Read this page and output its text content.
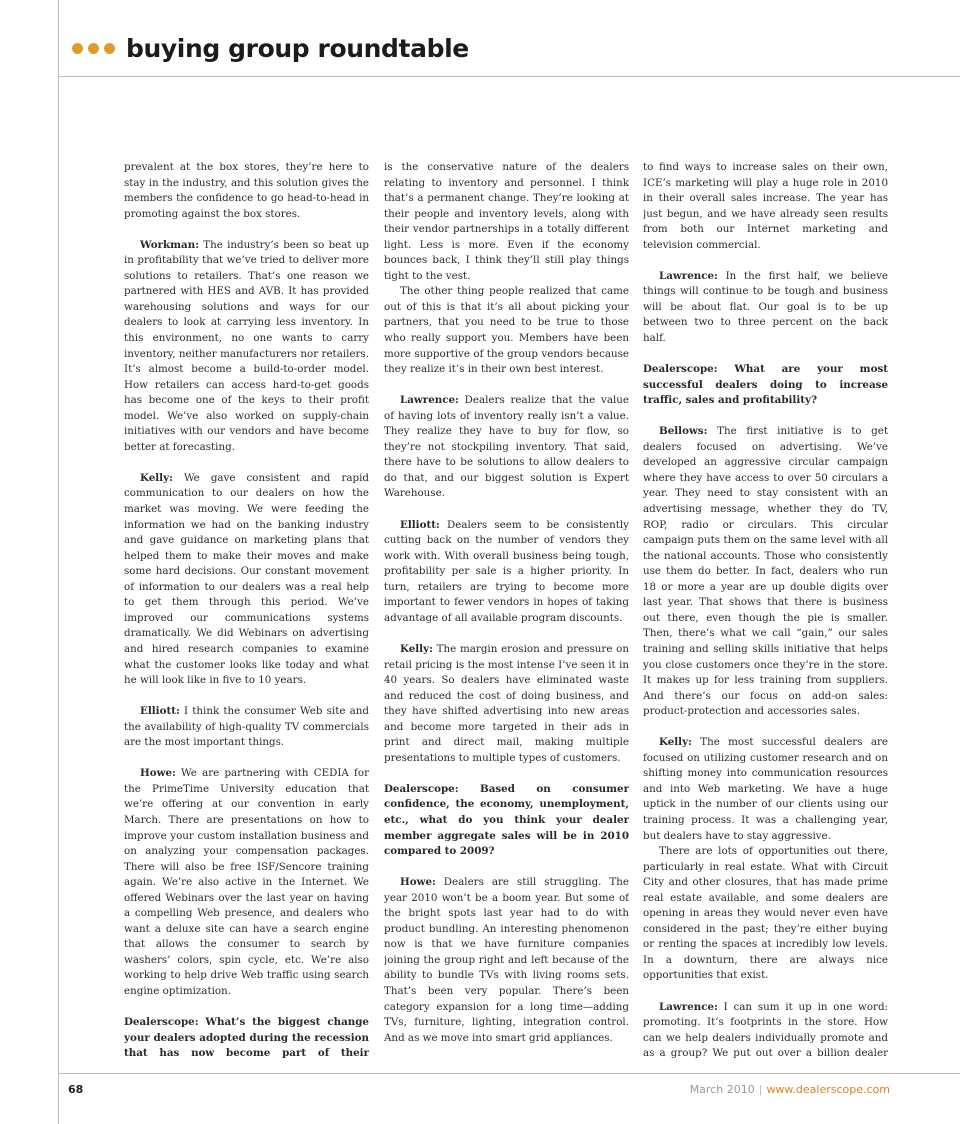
buying group roundtable

prevalent at the box stores, they’re here to stay in the industry, and this solution gives the members the confidence to go head-to-head in promoting against the box stores.

Workman: The industry’s been so beat up in profitability that we’ve tried to deliver more solutions to retailers. That’s one reason we partnered with HES and AVB. It has provided warehousing solutions and ways for our dealers to look at carrying less inventory. In this environment, no one wants to carry inventory, neither manufacturers nor retailers. It’s almost become a build-to-order model. How retailers can access hard-to-get goods has become one of the keys to their profit model. We’ve also worked on supply-chain initiatives with our vendors and have become better at forecasting.

Kelly: We gave consistent and rapid communication to our dealers on how the market was moving. We were feeding the information we had on the banking industry and gave guidance on marketing plans that helped them to make their moves and make some hard decisions. Our constant movement of information to our dealers was a real help to get them through this period. We’ve improved our communications systems dramatically. We did Webinars on advertising and hired research companies to examine what the customer looks like today and what he will look like in five to 10 years.

Elliott: I think the consumer Web site and the availability of high-quality TV commercials are the most important things.

Howe: We are partnering with CEDIA for the PrimeTime University education that we’re offering at our convention in early March. There are presentations on how to improve your custom installation business and on analyzing your compensation packages. There will also be free ISF/Sencore training again. We’re also active in the Internet. We offered Webinars over the last year on having a compelling Web presence, and dealers who want a deluxe site can have a search engine that allows the consumer to search by washers’ colors, spin cycle, etc. We’re also working to help drive Web traffic using search engine optimization.

Dealerscope: What’s the biggest change your dealers adopted during the recession that has now become part of their

is the conservative nature of the dealers relating to inventory and personnel. I think that’s a permanent change. They’re looking at their people and inventory levels, along with their vendor partnerships in a totally different light. Less is more. Even if the economy bounces back, I think they’ll still play things tight to the vest.

The other thing people realized that came out of this is that it’s all about picking your partners, that you need to be true to those who really support you. Members have been more supportive of the group vendors because they realize it’s in their own best interest.

Lawrence: Dealers realize that the value of having lots of inventory really isn’t a value. They realize they have to buy for flow, so they’re not stockpiling inventory. That said, there have to be solutions to allow dealers to do that, and our biggest solution is Expert Warehouse.

Elliott: Dealers seem to be consistently cutting back on the number of vendors they work with. With overall business being tough, profitability per sale is a higher priority. In turn, retailers are trying to become more important to fewer vendors in hopes of taking advantage of all available program discounts.

Kelly: The margin erosion and pressure on retail pricing is the most intense I’ve seen it in 40 years. So dealers have eliminated waste and reduced the cost of doing business, and they have shifted advertising into new areas and become more targeted in their ads in print and direct mail, making multiple presentations to multiple types of customers.

Dealerscope: Based on consumer confidence, the economy, unemployment, etc., what do you think your dealer member aggregate sales will be in 2010 compared to 2009?

Howe: Dealers are still struggling. The year 2010 won’t be a boom year. But some of the bright spots last year had to do with product bundling. An interesting phenomenon now is that we have furniture companies joining the group right and left because of the ability to bundle TVs with living rooms sets. That’s been very popular. There’s been category expansion for a long time—adding TVs, furniture, lighting, integration control. And as we move into smart grid appliances.

to find ways to increase sales on their own, ICE’s marketing will play a huge role in 2010 in their overall sales increase. The year has just begun, and we have already seen results from both our Internet marketing and television commercial.

Lawrence: In the first half, we believe things will continue to be tough and business will be about flat. Our goal is to be up between two to three percent on the back half.

Dealerscope: What are your most successful dealers doing to increase traffic, sales and profitability?

Bellows: The first initiative is to get dealers focused on advertising. We’ve developed an aggressive circular campaign where they have access to over 50 circulars a year. They need to stay consistent with an advertising message, whether they do TV, ROP, radio or circulars. This circular campaign puts them on the same level with all the national accounts. Those who consistently use them do better. In fact, dealers who run 18 or more a year are up double digits over last year. That shows that there is business out there, even though the pie is smaller. Then, there’s what we call “gain,” our sales training and selling skills initiative that helps you close customers once they’re in the store. It makes up for less training from suppliers. And there’s our focus on add-on sales: product-protection and accessories sales.

Kelly: The most successful dealers are focused on utilizing customer research and on shifting money into communication resources and into Web marketing. We have a huge uptick in the number of our clients using our training process. It was a challenging year, but dealers have to stay aggressive.

There are lots of opportunities out there, particularly in real estate. What with Circuit City and other closures, that has made prime real estate available, and some dealers are opening in areas they would never even have considered in the past; they’re either buying or renting the spaces at incredibly low levels. In a downturn, there are always nice opportunities that exist.

Lawrence: I can sum it up in one word: promoting. It’s footprints in the store. How can we help dealers individually promote and as a group? We put out over a billion dealer

68	March 2010 | www.dealerscope.com
